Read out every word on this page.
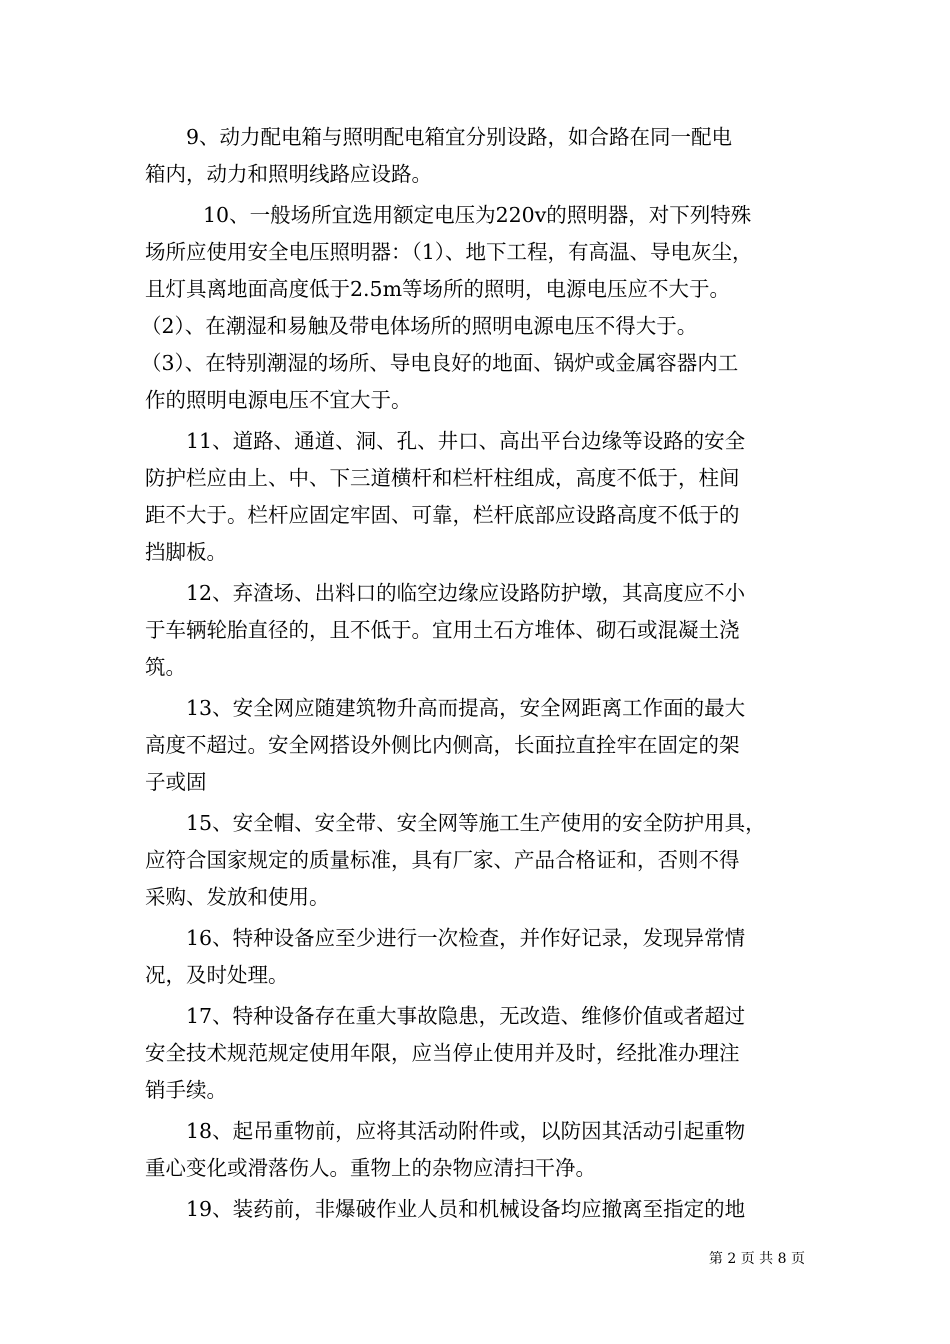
9、动力配电箱与照明配电箱宜分别设路，如合路在同一配电
箱内，动力和照明线路应设路。
10、一般场所宜选用额定电压为220v的照明器，对下列特殊
场所应使用安全电压照明器：（1）、地下工程，有高温、导电灰尘，
且灯具离地面高度低于2.5m等场所的照明，电源电压应不大于。
（2）、在潮湿和易触及带电体场所的照明电源电压不得大于。
（3）、在特别潮湿的场所、导电良好的地面、锅炉或金属容器内工
作的照明电源电压不宜大于。
11、道路、通道、洞、孔、井口、高出平台边缘等设路的安全
防护栏应由上、中、下三道横杆和栏杆柱组成，高度不低于，柱间
距不大于。栏杆应固定牢固、可靠，栏杆底部应设路高度不低于的
挡脚板。
12、弃渣场、出料口的临空边缘应设路防护墩，其高度应不小
于车辆轮胎直径的，且不低于。宜用土石方堆体、砌石或混凝土浇
筑。
13、安全网应随建筑物升高而提高，安全网距离工作面的最大
高度不超过。安全网搭设外侧比内侧高，长面拉直拴牢在固定的架
子或固
15、安全帽、安全带、安全网等施工生产使用的安全防护用具，
应符合国家规定的质量标准，具有厂家、产品合格证和，否则不得
采购、发放和使用。
16、特种设备应至少进行一次检查，并作好记录，发现异常情
况，及时处理。
17、特种设备存在重大事故隐患，无改造、维修价值或者超过
安全技术规范规定使用年限，应当停止使用并及时，经批准办理注
销手续。
18、起吊重物前，应将其活动附件或，以防因其活动引起重物
重心变化或滑落伤人。重物上的杂物应清扫干净。
19、装药前，非爆破作业人员和机械设备均应撤离至指定的地
第 2 页 共 8 页
